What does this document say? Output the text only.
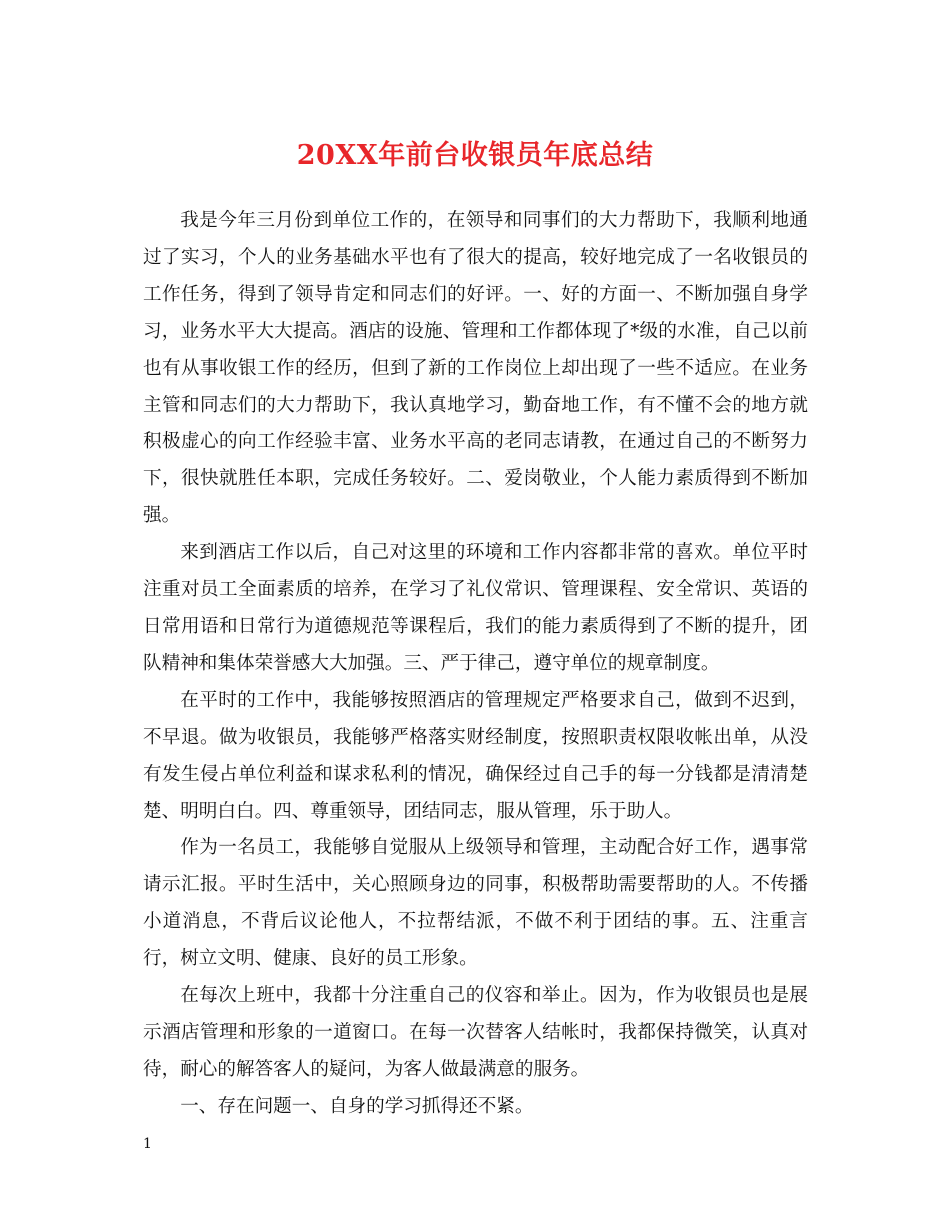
20XX年前台收银员年底总结

我是今年三月份到单位工作的，在领导和同事们的大力帮助下，我顺利地通过了实习，个人的业务基础水平也有了很大的提高，较好地完成了一名收银员的工作任务，得到了领导肯定和同志们的好评。一、好的方面一、不断加强自身学习，业务水平大大提高。酒店的设施、管理和工作都体现了*级的水准，自己以前也有从事收银工作的经历，但到了新的工作岗位上却出现了一些不适应。在业务主管和同志们的大力帮助下，我认真地学习，勤奋地工作，有不懂不会的地方就积极虚心的向工作经验丰富、业务水平高的老同志请教，在通过自己的不断努力下，很快就胜任本职，完成任务较好。二、爱岗敬业，个人能力素质得到不断加强。

来到酒店工作以后，自己对这里的环境和工作内容都非常的喜欢。单位平时注重对员工全面素质的培养，在学习了礼仪常识、管理课程、安全常识、英语的日常用语和日常行为道德规范等课程后，我们的能力素质得到了不断的提升，团队精神和集体荣誉感大大加强。三、严于律己，遵守单位的规章制度。

在平时的工作中，我能够按照酒店的管理规定严格要求自己，做到不迟到，不早退。做为收银员，我能够严格落实财经制度，按照职责权限收帐出单，从没有发生侵占单位利益和谋求私利的情况，确保经过自己手的每一分钱都是清清楚楚、明明白白。四、尊重领导，团结同志，服从管理，乐于助人。

作为一名员工，我能够自觉服从上级领导和管理，主动配合好工作，遇事常请示汇报。平时生活中，关心照顾身边的同事，积极帮助需要帮助的人。不传播小道消息，不背后议论他人，不拉帮结派，不做不利于团结的事。五、注重言行，树立文明、健康、良好的员工形象。

在每次上班中，我都十分注重自己的仪容和举止。因为，作为收银员也是展示酒店管理和形象的一道窗口。在每一次替客人结帐时，我都保持微笑，认真对待，耐心的解答客人的疑问，为客人做最满意的服务。

一、存在问题一、自身的学习抓得还不紧。

1
